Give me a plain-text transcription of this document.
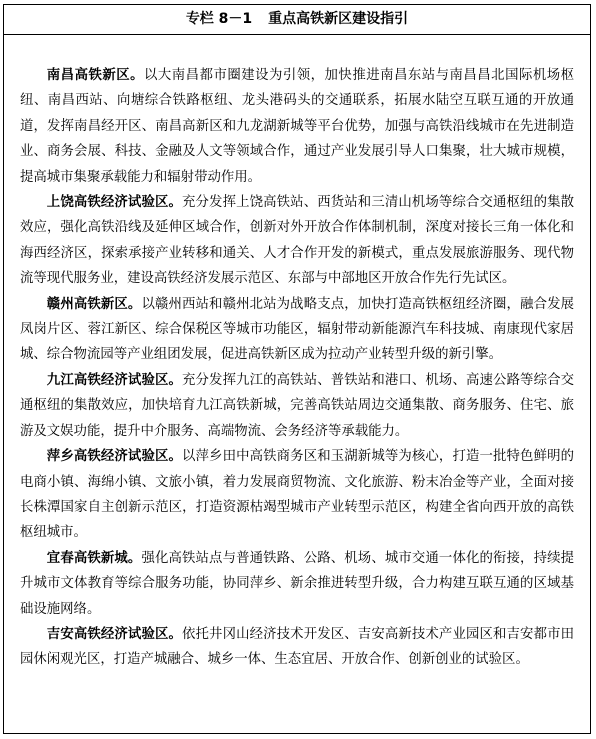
专栏 8－1 重点高铁新区建设指引

南昌高铁新区。以大南昌都市圈建设为引领，加快推进南昌东站与南昌昌北国际机场枢纽、南昌西站、向塘综合铁路枢纽、龙头港码头的交通联系，拓展水陆空互联互通的开放通道，发挥南昌经开区、南昌高新区和九龙湖新城等平台优势，加强与高铁沿线城市在先进制造业、商务会展、科技、金融及人文等领域合作，通过产业发展引导人口集聚，壮大城市规模，提高城市集聚承载能力和辐射带动作用。

上饶高铁经济试验区。充分发挥上饶高铁站、西货站和三清山机场等综合交通枢纽的集散效应，强化高铁沿线及延伸区域合作，创新对外开放合作体制机制，深度对接长三角一体化和海西经济区，探索承接产业转移和通关、人才合作开发的新模式，重点发展旅游服务、现代物流等现代服务业，建设高铁经济发展示范区、东部与中部地区开放合作先行先试区。

赣州高铁新区。以赣州西站和赣州北站为战略支点，加快打造高铁枢纽经济圈，融合发展凤岗片区、蓉江新区、综合保税区等城市功能区，辐射带动新能源汽车科技城、南康现代家居城、综合物流园等产业组团发展，促进高铁新区成为拉动产业转型升级的新引擎。

九江高铁经济试验区。充分发挥九江的高铁站、普铁站和港口、机场、高速公路等综合交通枢纽的集散效应，加快培育九江高铁新城，完善高铁站周边交通集散、商务服务、住宅、旅游及文娱功能，提升中介服务、高端物流、会务经济等承载能力。

萍乡高铁经济试验区。以萍乡田中高铁商务区和玉湖新城等为核心，打造一批特色鲜明的电商小镇、海绵小镇、文旅小镇，着力发展商贸物流、文化旅游、粉末冶金等产业，全面对接长株潭国家自主创新示范区，打造资源枯竭型城市产业转型示范区，构建全省向西开放的高铁枢纽城市。

宜春高铁新城。强化高铁站点与普通铁路、公路、机场、城市交通一体化的衔接，持续提升城市文体教育等综合服务功能，协同萍乡、新余推进转型升级，合力构建互联互通的区域基础设施网络。

吉安高铁经济试验区。依托井冈山经济技术开发区、吉安高新技术产业园区和吉安都市田园休闲观光区，打造产城融合、城乡一体、生态宜居、开放合作、创新创业的试验区。
